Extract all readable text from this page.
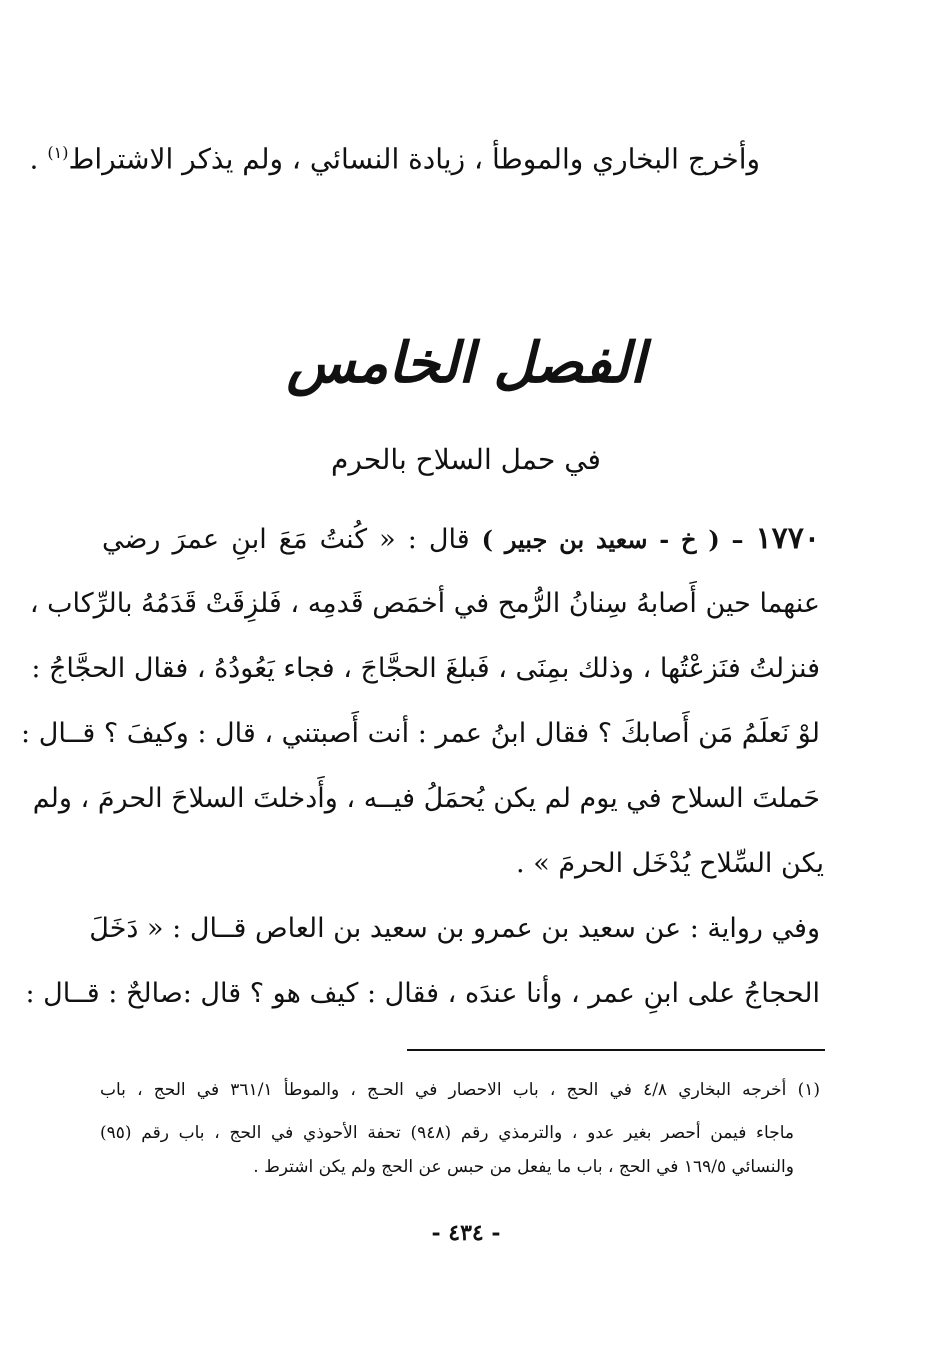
وأخرج البخاري والموطأ ، زيادة النسائي ، ولم يذكر الاشتراط$^{(١)}$ .
الفصل الخامس
في حمل السلاح بالحرم
١٧٧٠ – ( خ - سعيد بن جبير ) قال : « كُنتُ مَعَ ابنِ عمرَ رضي
عنهما حين أَصابهُ سِنانُ الرُّمح في أخمَص قَدمِه ، فَلزِقَتْ قَدَمُهُ بالرِّكاب ،
فنزلتُ فنَزعْتُها ، وذلك بمِنَى ، فَبلغَ الحجَّاجَ ، فجاء يَعُودُهُ ، فقال الحجَّاجُ :
لوْ نَعلَمُ مَن أَصابكَ ؟ فقال ابنُ عمر : أنت أَصبتني ، قال : وكيفَ ؟ قــال :
حَملتَ السلاح في يوم لم يكن يُحمَلُ فيــه ، وأَدخلتَ السلاحَ الحرمَ ، ولم
يكن السِّلاح يُدْخَل الحرمَ » .
وفي رواية : عن سعيد بن عمرو بن سعيد بن العاص قــال : « دَخَلَ
الحجاجُ على ابنِ عمر ، وأنا عندَه ، فقال : كيف هو ؟ قال :صالحٌ : قــال :
(١) أخرجه البخاري ٤/٨ في الحج ، باب الاحصار في الحـج ، والموطأ ٣٦١/١ في الحج ، باب
ماجاء فيمن أحصر بغير عدو ، والترمذي رقم (٩٤٨) تحفة الأحوذي في الحج ، باب رقم (٩٥)
والنسائي ١٦٩/٥ في الحج ، باب ما يفعل من حبس عن الحج ولم يكن اشترط .
- ٤٣٤ -
